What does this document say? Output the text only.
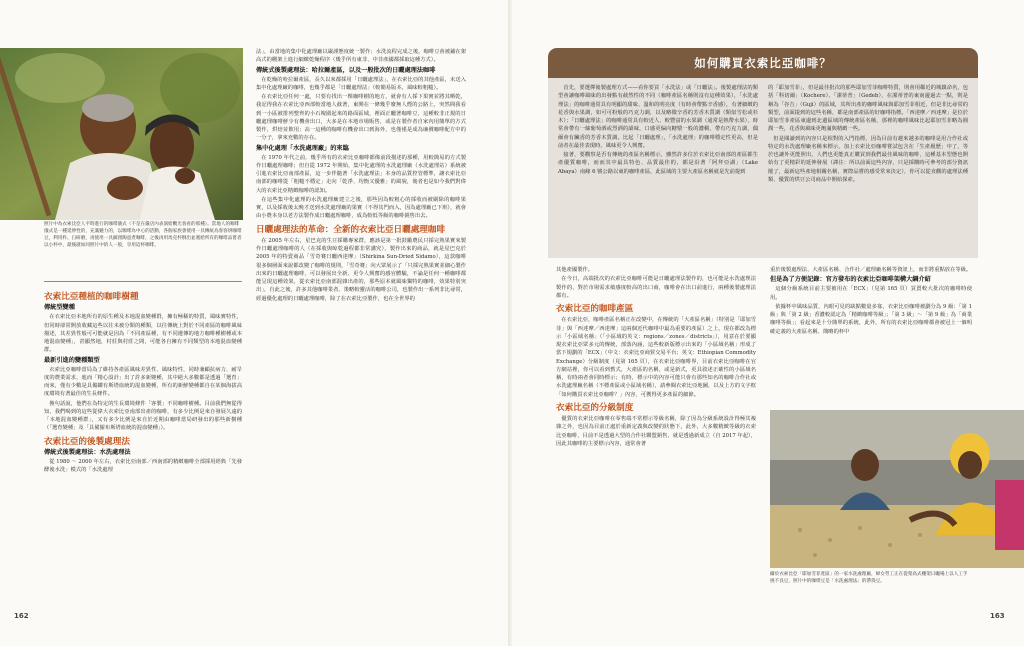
照片中為衣索比亞人平時進行的咖啡儀式（不是在嚴店內表演給觀光客看的那種）。當地人的咖啡儀式是一種延伸性的，充滿魅力的，以咖啡為中心的活動，各個家族會使用一具傳統為客客烘咖啡豆，利用杵、臼研磨，再使用一具細頸陶壺煮咖啡，之後再用馬克杯倒出並遞給所有的咖啡品嘗者以小杯中，最後就如同照片中的人一般，享用這杯咖啡。
衣索比亞種植的咖啡樹種
傳統型變種

在衣索比亞本地所有的原生種及本地混血變種群，擁有極稀的特質，風味實特性，但同時卻常開放收藏這些以往未被分類的種類，以往傳統上對於不同產區的咖啡風味描述，其差異性般可可能就是因為「不同產區種，有不同遺傳的地方咖啡種樹種或本地混血變種」，甚顯然地，村莊與村莊之間，可能各自擁有不同類型的本地混血變種群。

最新引進的變種類型

衣索比亞咖啡當局為了維持各產區風味差異性、風味特性，同時兼顧抗病力、耐旱度的農業需求，進而「精心設計」出了許多新變種，其中絕大多數都是透過「選育」而來，僅有少數是具備罐有斯塔血統的混血變種，所有的新鮮變種都自在某個海拔高度環境有著最佳的生長條件。

換句話說，他們在為特定的生長環境條件「客製」不同咖啡樹種。目前我們無從得知，我們喝到的這些從偉大衣索比亞南部出產的咖啡，有多少比例是來自發展久遠的「本地混血變種群」，又有多少比例是來自於近期由咖啡當局研發出的那些新樹種（「選育變種」及「具備羅布斯塔血統的混血變種」）。

衣索比亞的後製處理法
傳統式後製處理法：水洗處理法

從 1980 ～ 2000 年左右，衣索比亞南部／西南部的精緻咖啡全部採用經典「先發酵後水洗」模式的「水洗處理

法」，由當地的集中化處理廠以嚴謹態度統一製作；水洗流程完成之後，咖啡豆會被鋪在架高式的棚架上進行細緻乾燥程序（幾乎所有東非、中非產國都採取這種方式）。

傳統式後製處理法：哈拉爾產區，以及一般批次的日曬處理法咖啡

在乾燥的哈拉爾產區，長久以來都採用「日曬處理法」，在衣索比亞的其他產區，未送入集中化處理廠的咖啡，也幾乎都是「日曬處理法」（較簡易版本，風味較粗糙）。

在衣索比亞任何一處，只要有找出一棵咖啡樹的地方，就會有人採下果實並將其晒乾，我記得我在衣索比亞西部較當地人截著，東開在一條幾乎廢無人煙的公路上，突然間我看到一小區被排列整齊的小石塊圍起來的路面區域，裡面正曬著咖啡豆，這種較非正規的日曬處理咖啡鮮少有機會出口，大多是在本地市場販售，或是在製作者自家內用簡單的方式製作，烘焙並飲用；高一這種的咖啡有機會出口到海外，也僅僅是成為廉價咖啡配方中的一分子，拿來充數的存在。

集中化處理「水洗處理廠」的來臨

在 1970 年代之前，幾乎所有的衣索比亞咖啡都像前段描述的那種，用較簡易的方式製作日曬處理咖啡；但自從 1972 年開始，集中化處理的水洗處理廠（水洗處理站）系統被引進衣索比亞南部產區，這一步伴隨著「水洗處理法」本身的品質控管標準，讓衣索比亞南部的咖啡從「粗糙不穩定」走向「乾淨、均衡又優雅」的風貌，後者也是如今我們對偉大的衣索比亞精緻咖啡的認知。

在這些集中化處理的水洗處理廠建立之後，那些因為較粗心的採收而被刷除的咖啡果實，以及採收後太晚才送到水洗處理廠的果實（不得其門而入，因為處理廠已下班），就會由小農本身以老方法製作成日曬處理咖啡，成為較低等級的咖啡銷售出去。

日曬處理法的革命：全新的衣索比亞日曬處理咖啡

在 2005 年左右，星巴克的生豆採購專家群，應該是第一批鼓勵農民只採完熟果實來製作日曬處理咖啡的人（在採收與晾乾過程都非常講究），製作出來的商品，就是星巴克於 2005 年的特賣商品「雪奇賽日曬西達摩」（Shirkina Sun-Dried Sidamo），這款咖啡很多個層面來說都改變了咖啡的規則，「雪奇賽」向大眾展示了「只採完熟果實並細心製作出來的日曬處理咖啡，可以發展出全新、更令人興奮的感官體驗，不論是任何一種咖啡都能呈現這種效果，從衣索比亞南部混雜出產的，那些原本就風味獨特的咖啡，效果特別突出」，自此之後，許多其他咖啡業者、策略較靈活的咖啡公司，也製作出一系列非比尋常，經過優化處理的日曬處理咖啡，除了在衣索比亞製作，也在全世界的

162
如何購買衣索比亞咖啡？

首先，要選擇後製處理方式——看你要買「水洗法」或「日曬法」。後製處理法的類型會讓咖啡風味的出發點有截然性的不同（咖啡產區名稱則沒有這種效果），「水洗處理法」的咖啡通常具有明顯的甜味、溫和的明亮度（有時會帶點辛香感），有著細緻的花香與水果調，如可可粉般的巧克力調，以及略微辛香的芳香木質調（類似雪松或杉木）；「日曬處理法」的咖啡通常具有較近人、較豐富的水果調（通常是熱帶水果），時常會帶有一絲葡萄酒或烈酒的韻味，口感更偏向糖漿一般的濃稠，帶有巧克力調，偶爾會有臟香的芳香木質調。比起「日曬處理」，「水洗處理」的咖啡穩定性更高，但是前者在最佳表現時，風味更令人興奮。

接著，要觀察是否有傳統的產區名稱標示，雖然許多位於衣索比亞南部的產區都生產優質咖啡，而而其中最具特色、品質最佳的，都是沿著「阿拜亞湖」（Lake Abaya）南緣 6 號公路以東的咖啡產區，此區域的主要大產區名稱就是先前提到

的「耶加雪菲」，但是最佳批次的那些耶加雪菲咖啡特質，則會用鄰近的城鎮命名，包括「科切爾」（Kochere）、「潔蒂普」（Gedeb），在潔蒂普的東南邊過去一點，則是稱為「谷吉」（Guji）的區域，其所出產的咖啡風味與耶加雪菲相近，但是非比尋常的類型，前面提到的這些名稱，都是南部產區的好咖啡指標。「西達摩／西達摩」是位於耶加雪菲產區東邊到北邊區域的傳統產區名稱，那裡的咖啡風味比起耶加雪菲略為圓潤一些，花香與風味更飽滿與精緻一些。

但是閱讀到的內容只是相對的入門指標，因為目前有越來越多的咖啡是用合作社或特定的水洗處理廠名稱來標示，加上衣索比亞咖啡嘗試包含在「生產履歷」中了，等於也讓外更能照出，人們也更能真正購買到我們最佳風味的咖啡，這種基本型態也開始有了更精彩的延伸發展（譯注：所以前面這些內容，只是採購時可參考的部分資訊罷了，最新這些產地相關名稱，實際品嘗的感受常來決定），你可以從直觀的處理法種類、優質的烘豆公司商品中開始探索。

其他產國製作。

在今日，高端批次的衣索比亞咖啡可能是日曬處理法製作的，也可能是水洗處理法製作的，對於市場需求敏感度較高的出口商，咖啡會在出口前進行，兩種後製處理法都有。

衣索比亞的咖啡產區

在衣索比亞，咖啡產區名稱正在改變中，在傳統的「大產區名稱」（特別是「耶加雪菲」與「西達摩／西達摩」這兩個近代咖啡中最為重要的產區）之上，現在都改為標示「小區域名稱」（「小區域的英文：regions／zones／districts」），用意在於要顯現衣索比亞眾多元的傳統，部落內涵，這些較新版標示出來的「小區域名稱」形成了當下規劃的「ECX」（中文：衣索比亞商貿交易平台；英文：Ethiopian Commodity Exchange）分級制度（見第 165 頁），在衣索比亞咖啡界，目前衣索比亞咖啡在官方網站裡，你可以看到舊式，大產區的名稱，或是新式，更具敘述正確性的小區域名稱，有時兩者會同時標示；有時，標示中的內容可能只會有那些知名的咖啡合作社或水洗處理廠名稱（不標產區或小區域名稱），請參閱衣索比亞地圖，以及上方的文字框「如何購買衣索比亞咖啡？」內容，可獲得更多產區的細節。

衣索比亞的分級制度

優質的衣索比亞咖啡在零售端不常標示等級名稱，除了因為分級系統設計得極其複雜之外，也因為目前正處於重新定義與改變的狀態下，此外，大多數精緻等級的衣索比亞咖啡，目前不是透過大型的合作社聯盟銷售，就是透過新成立（自 2017 年起），因此其咖啡的主要標示內容，通常會著

重於後製處理法、大產區名稱、合作社／處理廠名稱等資訊上，而非將重點放在等級。

但是為了方便記錄：官方發布的衣索比亞咖啡架構大綱介紹

這個分級系統目前主要被用在「ECX」（見第 165 頁）買賣較大批次的咖啡時使用。

依據杯中風味品質，內眼可見的缺點數量多寡，衣索比亞咖啡被劃分為 9 級：「第 1 級」與「第 2 級」香濃較認定為「精緻咖啡等級」；「第 3 級」～「第 9 級」為「商業咖啡等級」；看起來是十分簡單的系統，此外，所有的衣索比亞咖啡都會被冠上一個明確定義的大產區名稱、簡略的杯中

攝於衣索比亞「耶加雪菲產區」的一家水洗處理廠，婦女勞工正在從架高式棚架日曬場上以人工手挑不良豆，照片中的咖啡豆是「水洗處理法」的帶殼豆。
163
